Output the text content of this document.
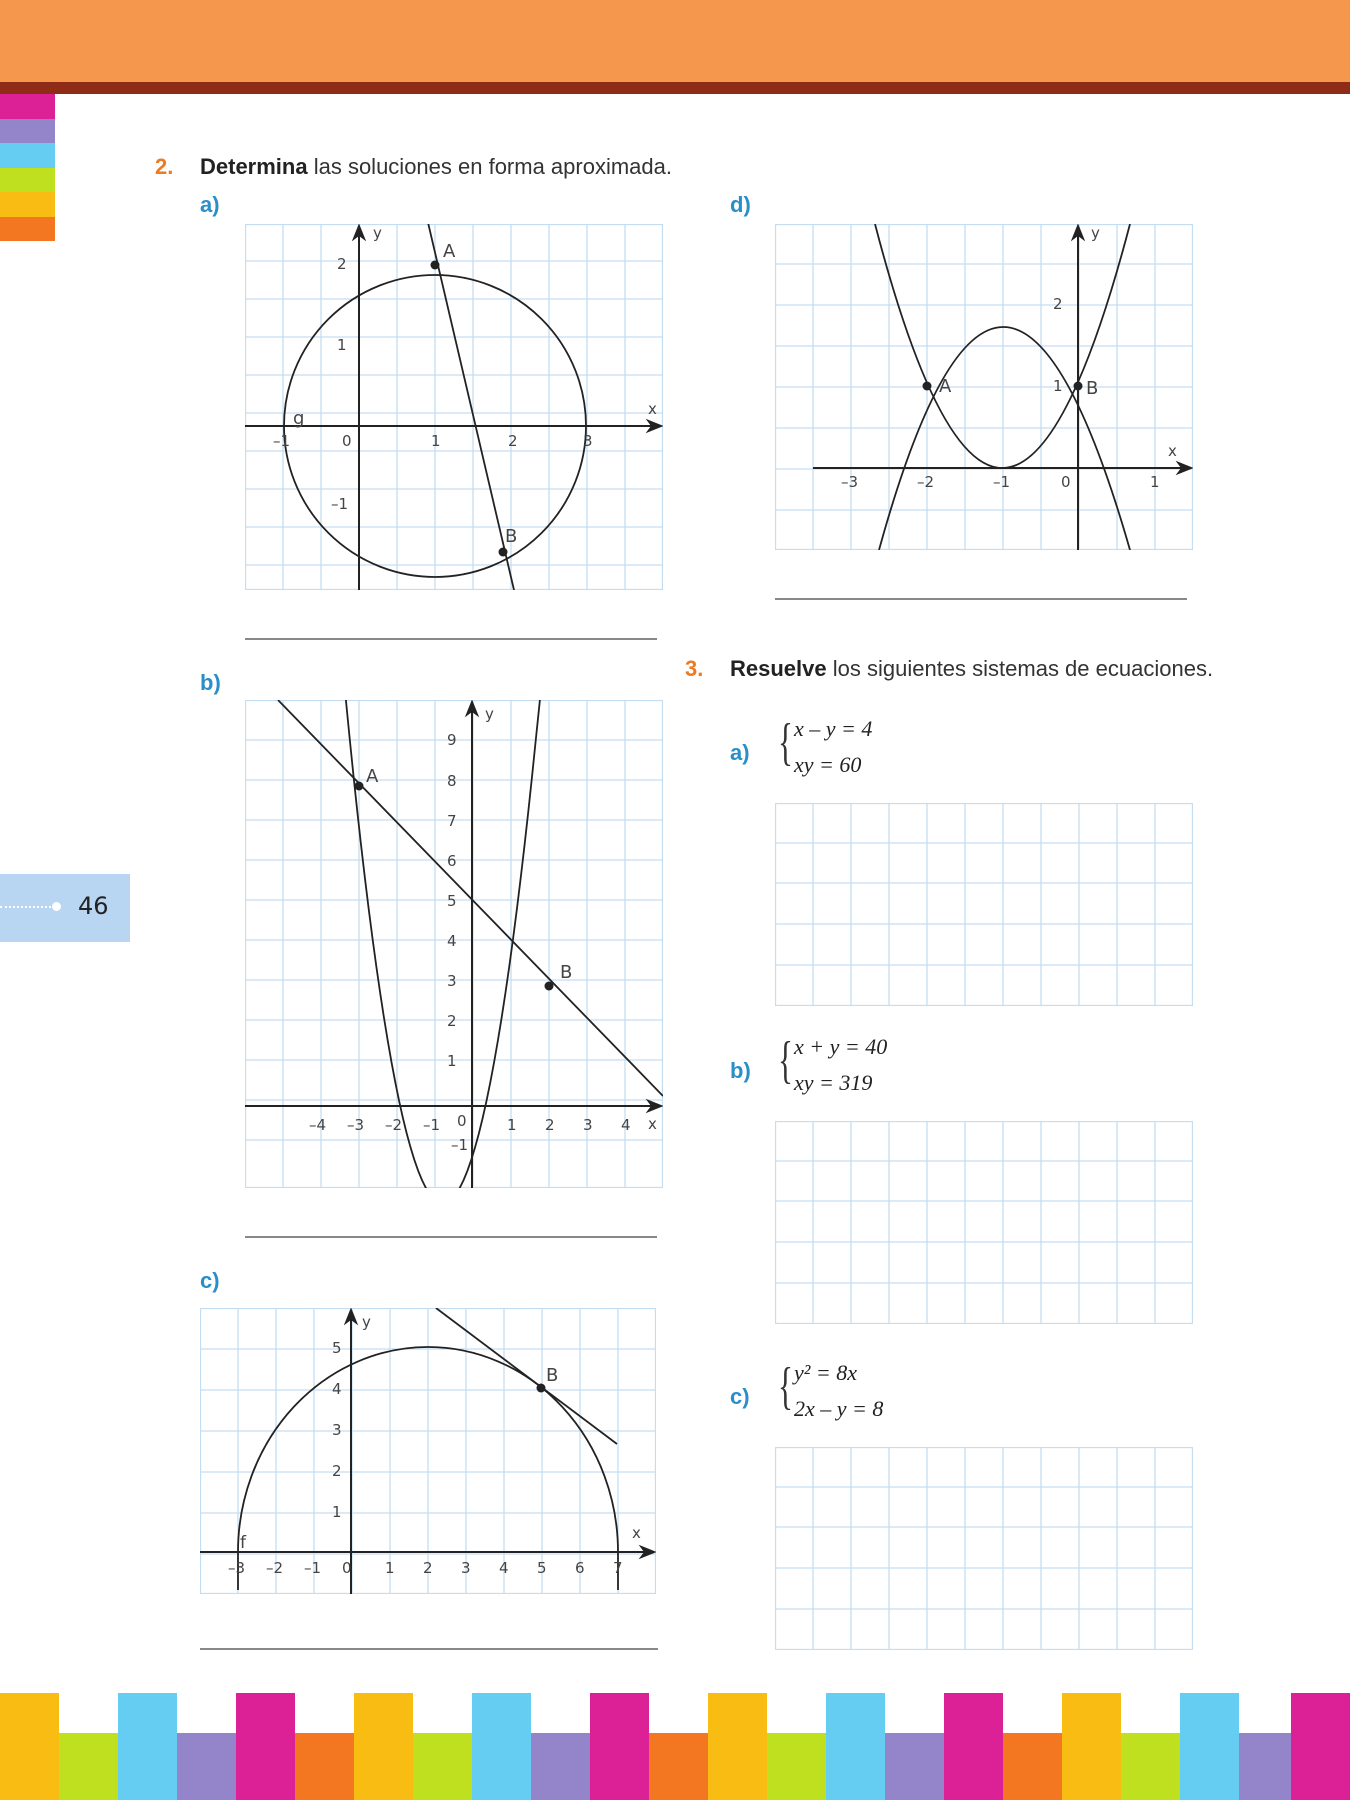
46
2. Determina las soluciones en forma aproximada.
a)
A
B
g	x
y
–1	0	1	2	3
2
1
–1
b)
A
B
x
y
–4 –3 –2 –1 0	1 2 3 4
9
8
7
6
5
4
3
2
1
–1
c)
B
f	x
y
–3 –2 –1 0 1 2 3 4 5 6 7
5
4
3
2
1
d)
A	B
x
y
–3	–2	–1	0	1
2
1
3. Resuelve los siguientes sistemas de ecuaciones.
a) { x – y = 4
xy = 60
b) { x + y = 40
xy = 319
c) { y² = 8x
2x – y = 8
